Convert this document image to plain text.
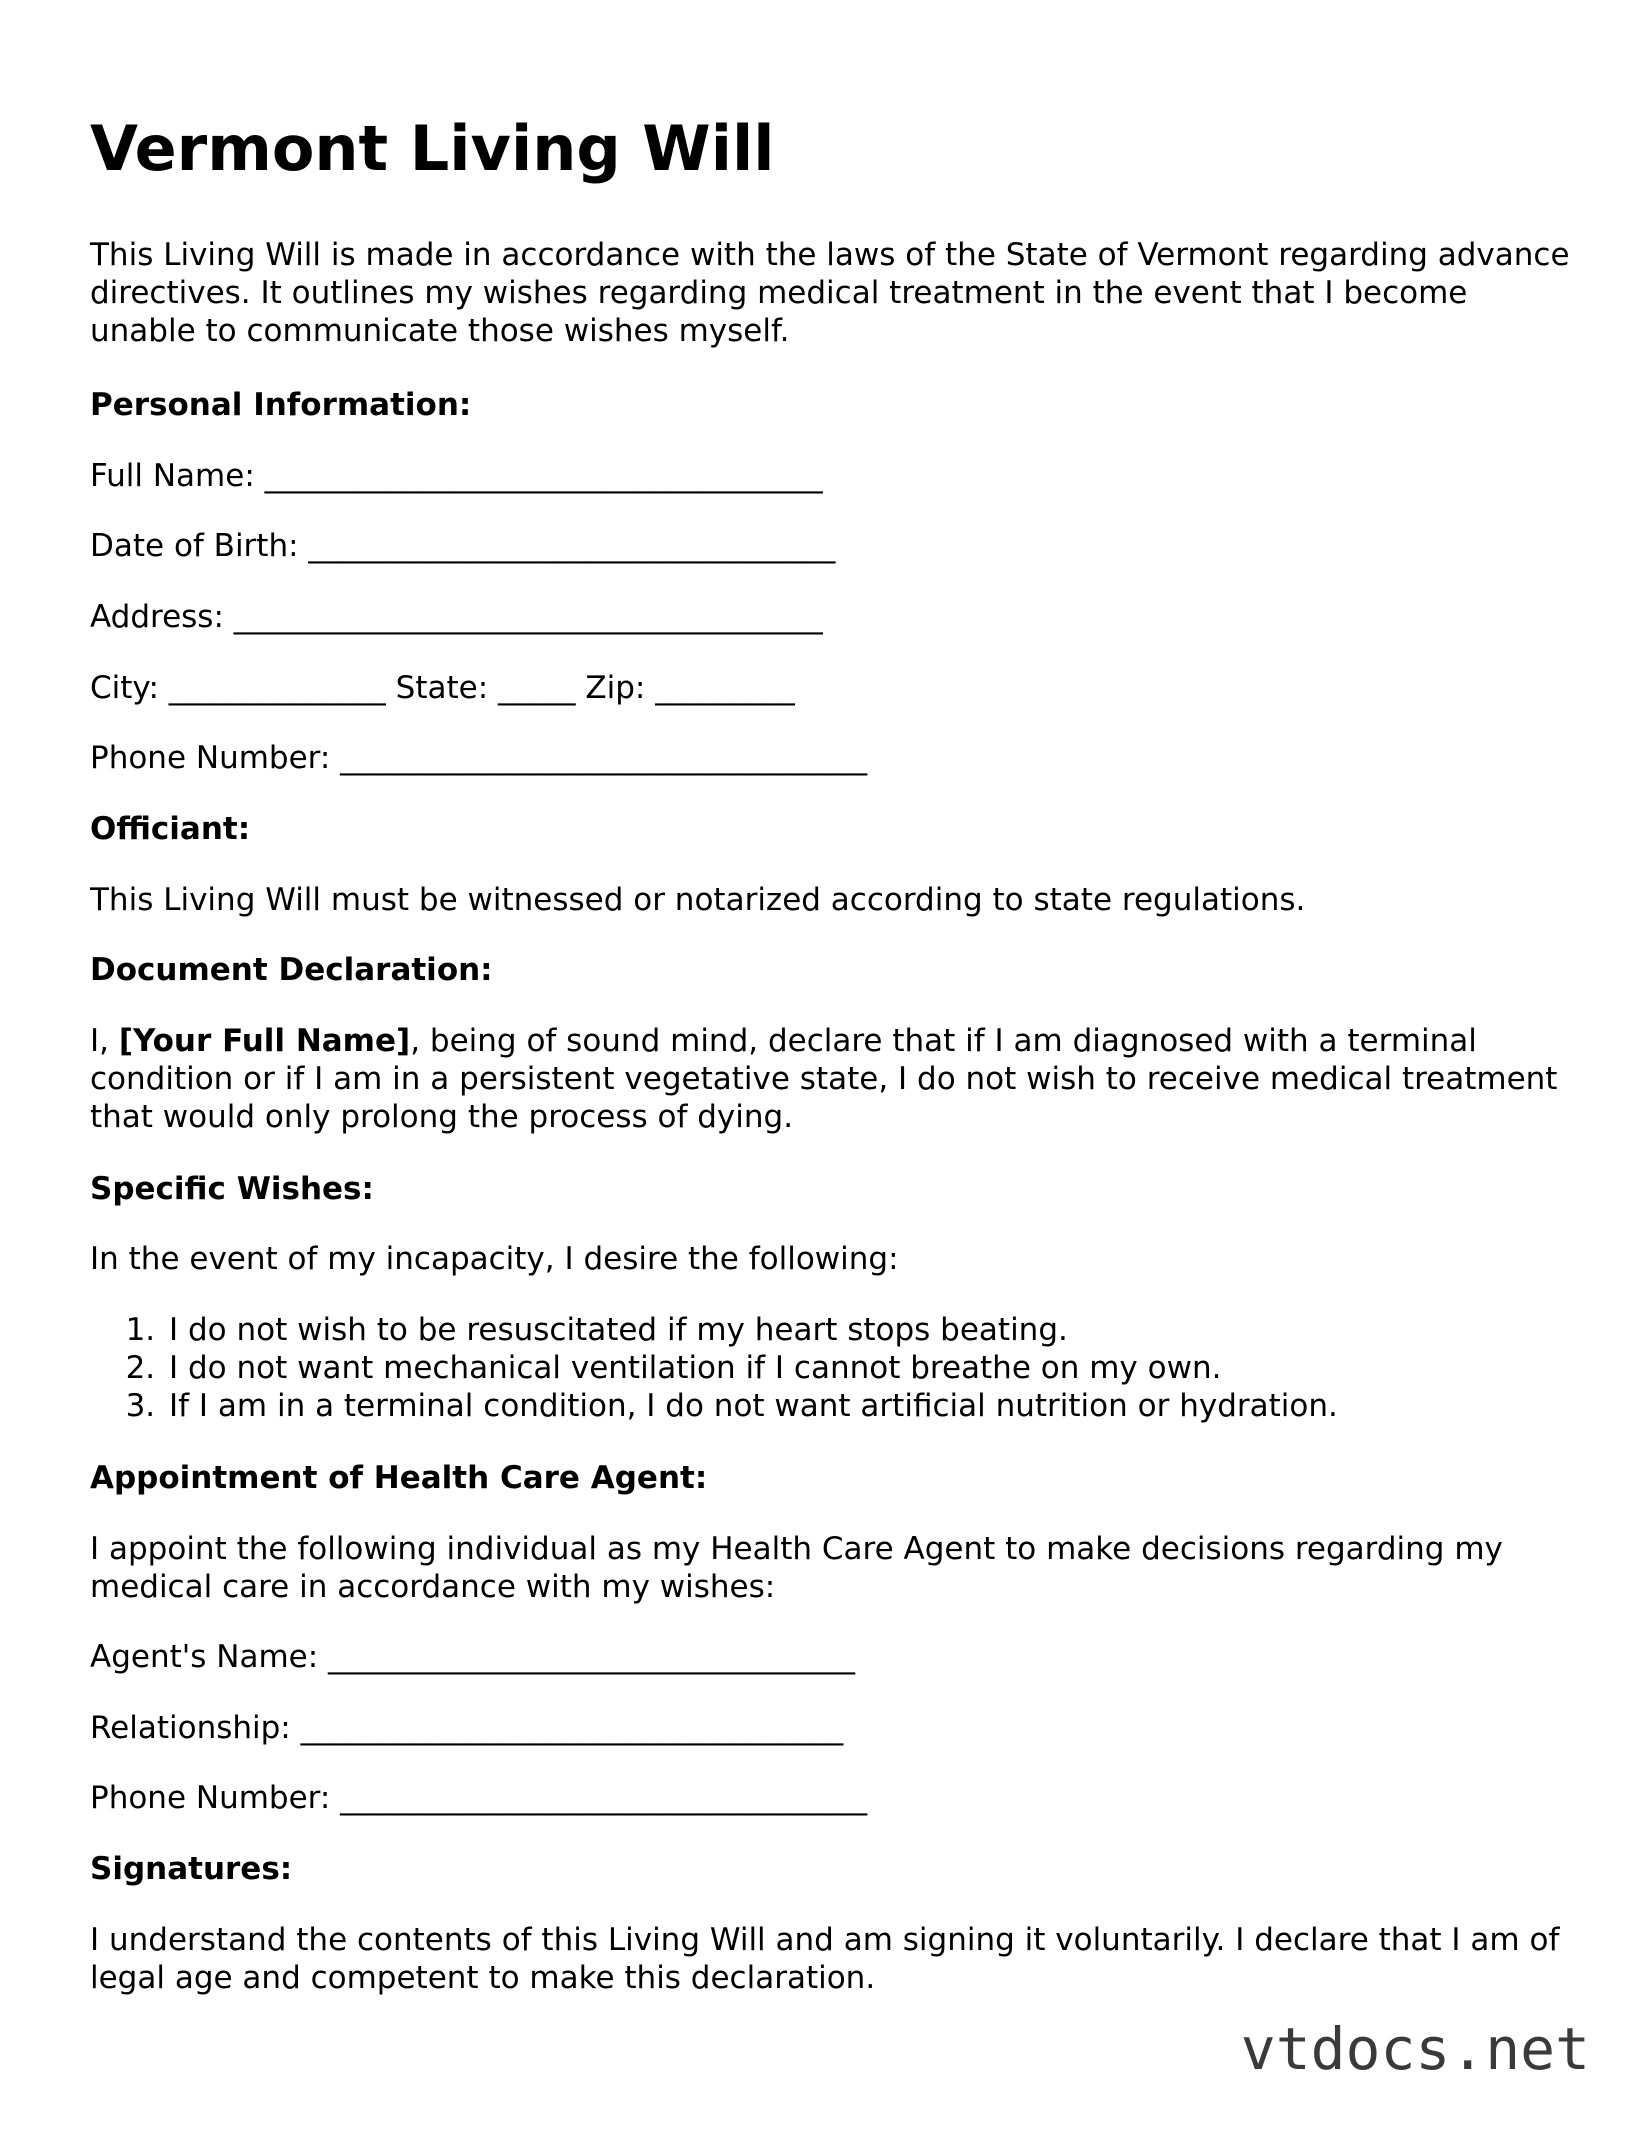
Vermont Living Will
This Living Will is made in accordance with the laws of the State of Vermont regarding advance directives. It outlines my wishes regarding medical treatment in the event that I become unable to communicate those wishes myself.
Personal Information:
Full Name: ____________________________________
Date of Birth: __________________________________
Address: ______________________________________
City: ______________ State: _____ Zip: _________
Phone Number: __________________________________
Officiant:
This Living Will must be witnessed or notarized according to state regulations.
Document Declaration:
I, [Your Full Name], being of sound mind, declare that if I am diagnosed with a terminal condition or if I am in a persistent vegetative state, I do not wish to receive medical treatment that would only prolong the process of dying.
Specific Wishes:
In the event of my incapacity, I desire the following:
1. I do not wish to be resuscitated if my heart stops beating.
2. I do not want mechanical ventilation if I cannot breathe on my own.
3. If I am in a terminal condition, I do not want artificial nutrition or hydration.
Appointment of Health Care Agent:
I appoint the following individual as my Health Care Agent to make decisions regarding my medical care in accordance with my wishes:
Agent's Name: __________________________________
Relationship: ___________________________________
Phone Number: __________________________________
Signatures:
I understand the contents of this Living Will and am signing it voluntarily. I declare that I am of legal age and competent to make this declaration.
vtdocs.net
